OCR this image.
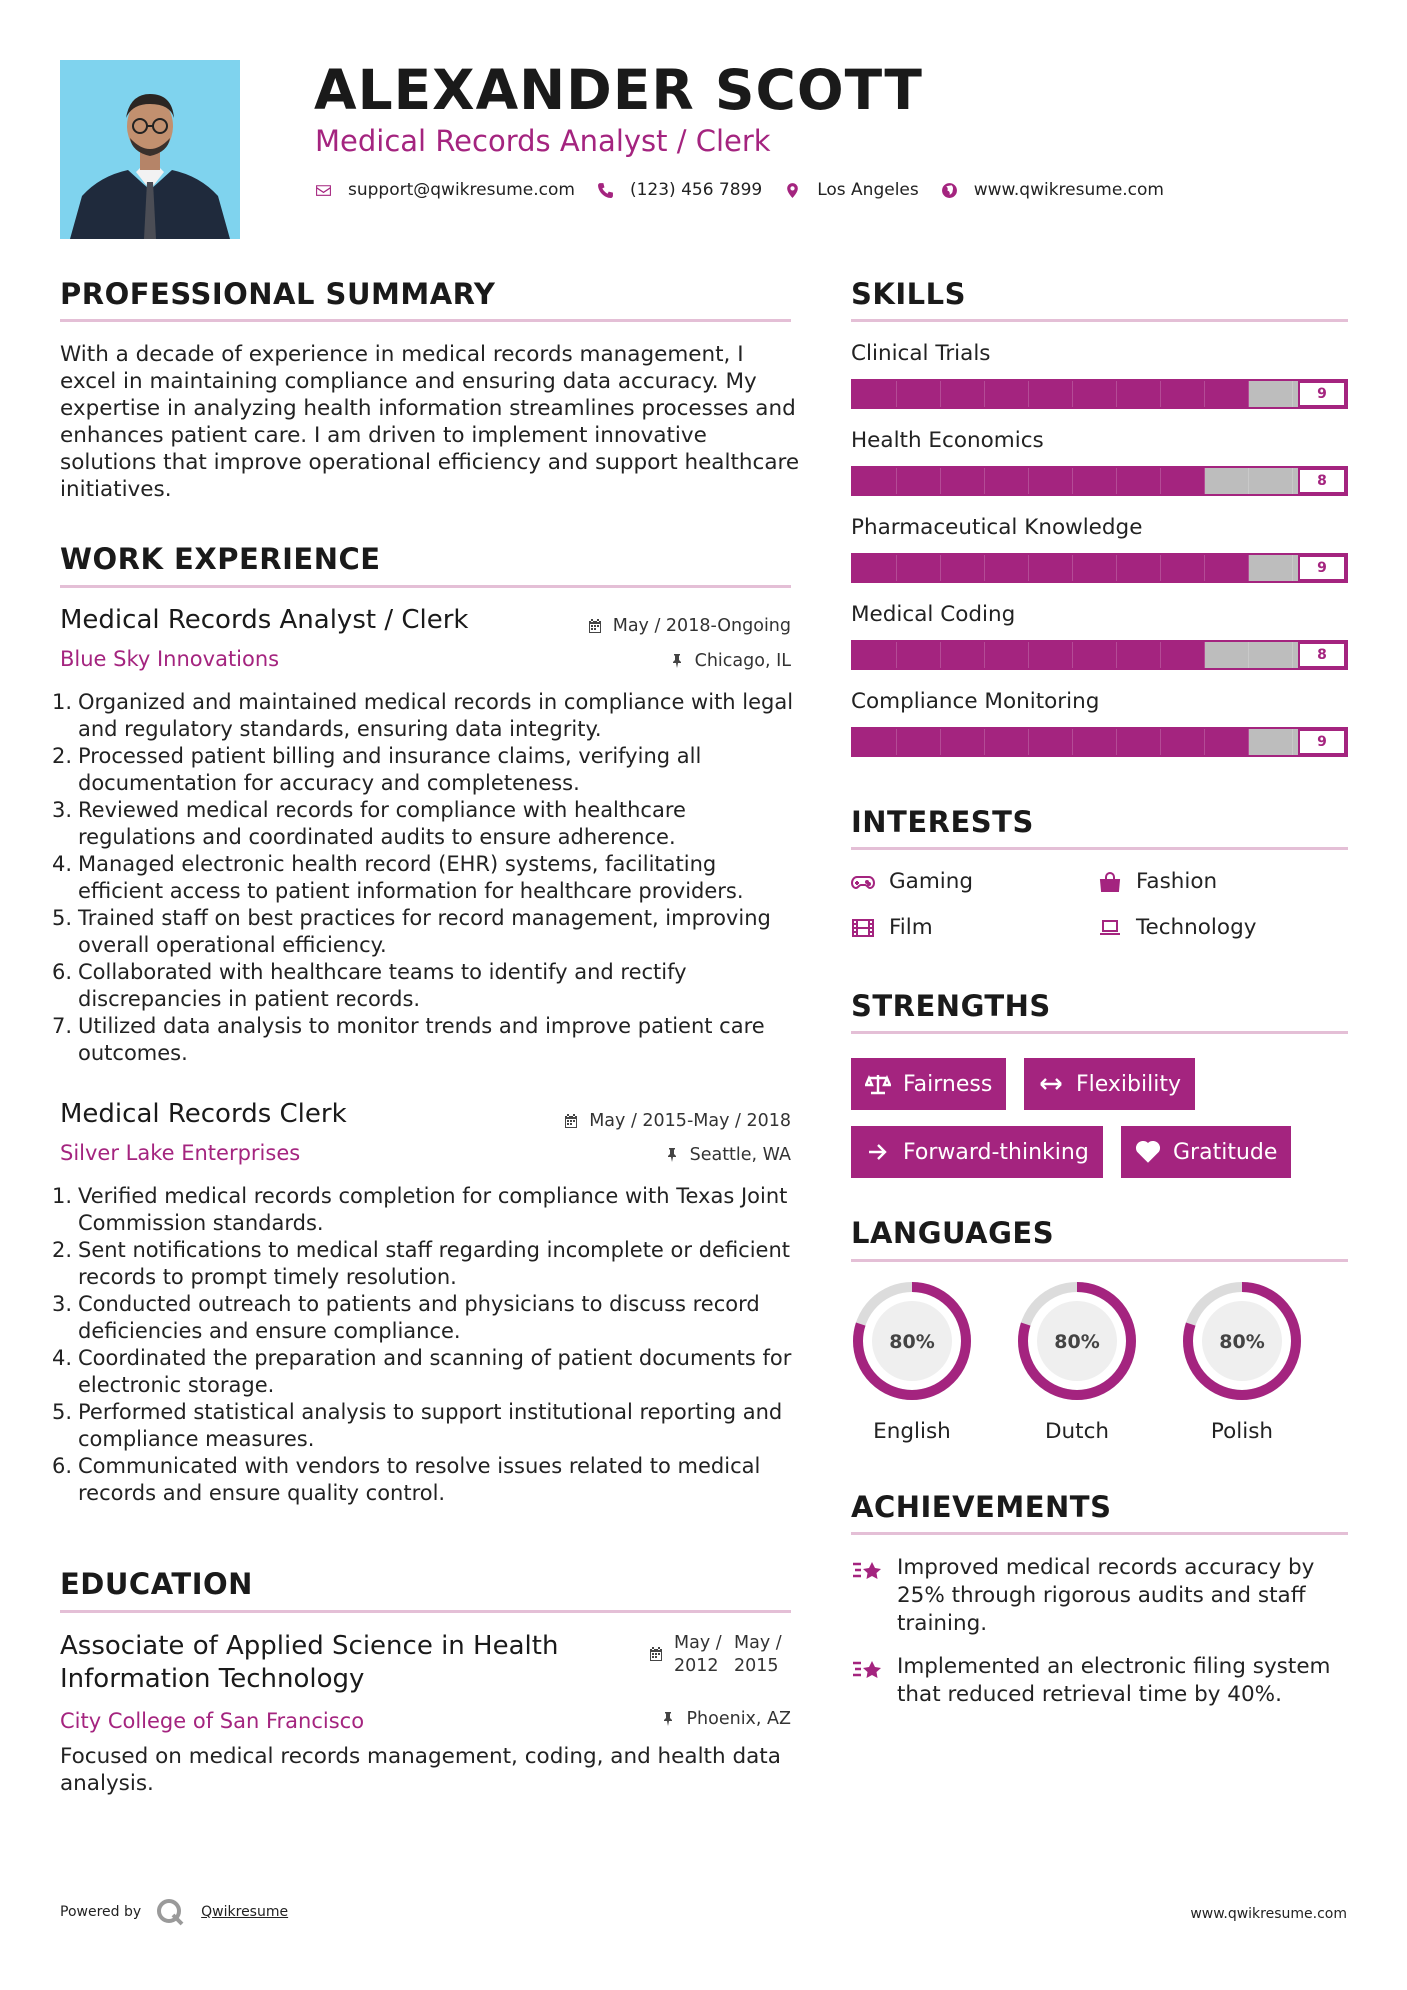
ALEXANDER SCOTT
Medical Records Analyst / Clerk
support@qwikresume.com	(123) 456 7899	Los Angeles	www.qwikresume.com
PROFESSIONAL SUMMARY
With a decade of experience in medical records management, I excel in maintaining compliance and ensuring data accuracy. My expertise in analyzing health information streamlines processes and enhances patient care. I am driven to implement innovative solutions that improve operational efficiency and support healthcare initiatives.
WORK EXPERIENCE
Medical Records Analyst / Clerk	May / 2018-Ongoing
Blue Sky Innovations	Chicago, IL
1. Organized and maintained medical records in compliance with legal and regulatory standards, ensuring data integrity.
2. Processed patient billing and insurance claims, verifying all documentation for accuracy and completeness.
3. Reviewed medical records for compliance with healthcare regulations and coordinated audits to ensure adherence.
4. Managed electronic health record (EHR) systems, facilitating efficient access to patient information for healthcare providers.
5. Trained staff on best practices for record management, improving overall operational efficiency.
6. Collaborated with healthcare teams to identify and rectify discrepancies in patient records.
7. Utilized data analysis to monitor trends and improve patient care outcomes.
Medical Records Clerk	May / 2015-May / 2018
Silver Lake Enterprises	Seattle, WA
1. Verified medical records completion for compliance with Texas Joint Commission standards.
2. Sent notifications to medical staff regarding incomplete or deficient records to prompt timely resolution.
3. Conducted outreach to patients and physicians to discuss record deficiencies and ensure compliance.
4. Coordinated the preparation and scanning of patient documents for electronic storage.
5. Performed statistical analysis to support institutional reporting and compliance measures.
6. Communicated with vendors to resolve issues related to medical records and ensure quality control.
EDUCATION
Associate of Applied Science in Health Information Technology
May / 2012
May / 2015
City College of San Francisco	Phoenix, AZ
Focused on medical records management, coding, and health data analysis.
SKILLS
Clinical Trials
9
Health Economics
8
Pharmaceutical Knowledge
9
Medical Coding
8
Compliance Monitoring
9
INTERESTS
Gaming	Fashion
Film	Technology
STRENGTHS
Fairness	Flexibility
Forward-thinking	Gratitude
LANGUAGES
80%
English
80%
Dutch
80%
Polish
ACHIEVEMENTS
Improved medical records accuracy by 25% through rigorous audits and staff training.
Implemented an electronic filing system that reduced retrieval time by 40%.
Powered by	Qwikresume	www.qwikresume.com
